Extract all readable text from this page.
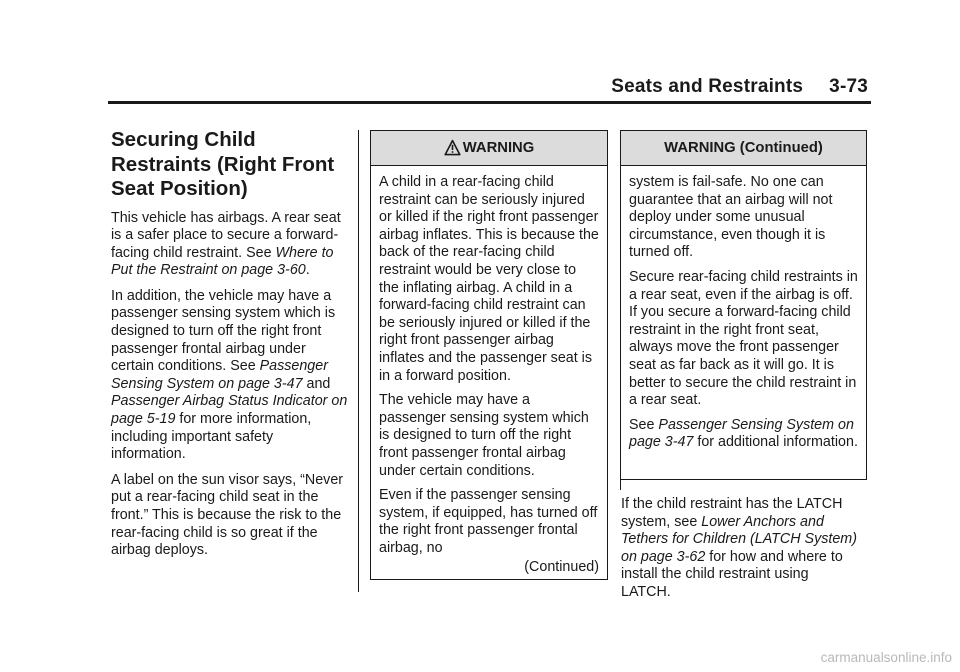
Seats and Restraints 3-73
Securing Child Restraints (Right Front Seat Position)

This vehicle has airbags. A rear seat is a safer place to secure a forward-facing child restraint. See Where to Put the Restraint on page 3-60.

In addition, the vehicle may have a passenger sensing system which is designed to turn off the right front passenger frontal airbag under certain conditions. See Passenger Sensing System on page 3-47 and Passenger Airbag Status Indicator on page 5-19 for more information, including important safety information.

A label on the sun visor says, “Never put a rear-facing child seat in the front.” This is because the risk to the rear-facing child is so great if the airbag deploys.

WARNING

A child in a rear-facing child restraint can be seriously injured or killed if the right front passenger airbag inflates. This is because the back of the rear-facing child restraint would be very close to the inflating airbag. A child in a forward-facing child restraint can be seriously injured or killed if the right front passenger airbag inflates and the passenger seat is in a forward position.

The vehicle may have a passenger sensing system which is designed to turn off the right front passenger frontal airbag under certain conditions.

Even if the passenger sensing system, if equipped, has turned off the right front passenger frontal airbag, no

(Continued)
WARNING (Continued)

system is fail-safe. No one can guarantee that an airbag will not deploy under some unusual circumstance, even though it is turned off.

Secure rear-facing child restraints in a rear seat, even if the airbag is off. If you secure a forward-facing child restraint in the right front seat, always move the front passenger seat as far back as it will go. It is better to secure the child restraint in a rear seat.

See Passenger Sensing System on page 3-47 for additional information.

If the child restraint has the LATCH system, see Lower Anchors and Tethers for Children (LATCH System) on page 3-62 for how and where to install the child restraint using LATCH.

carmanualsonline.info
